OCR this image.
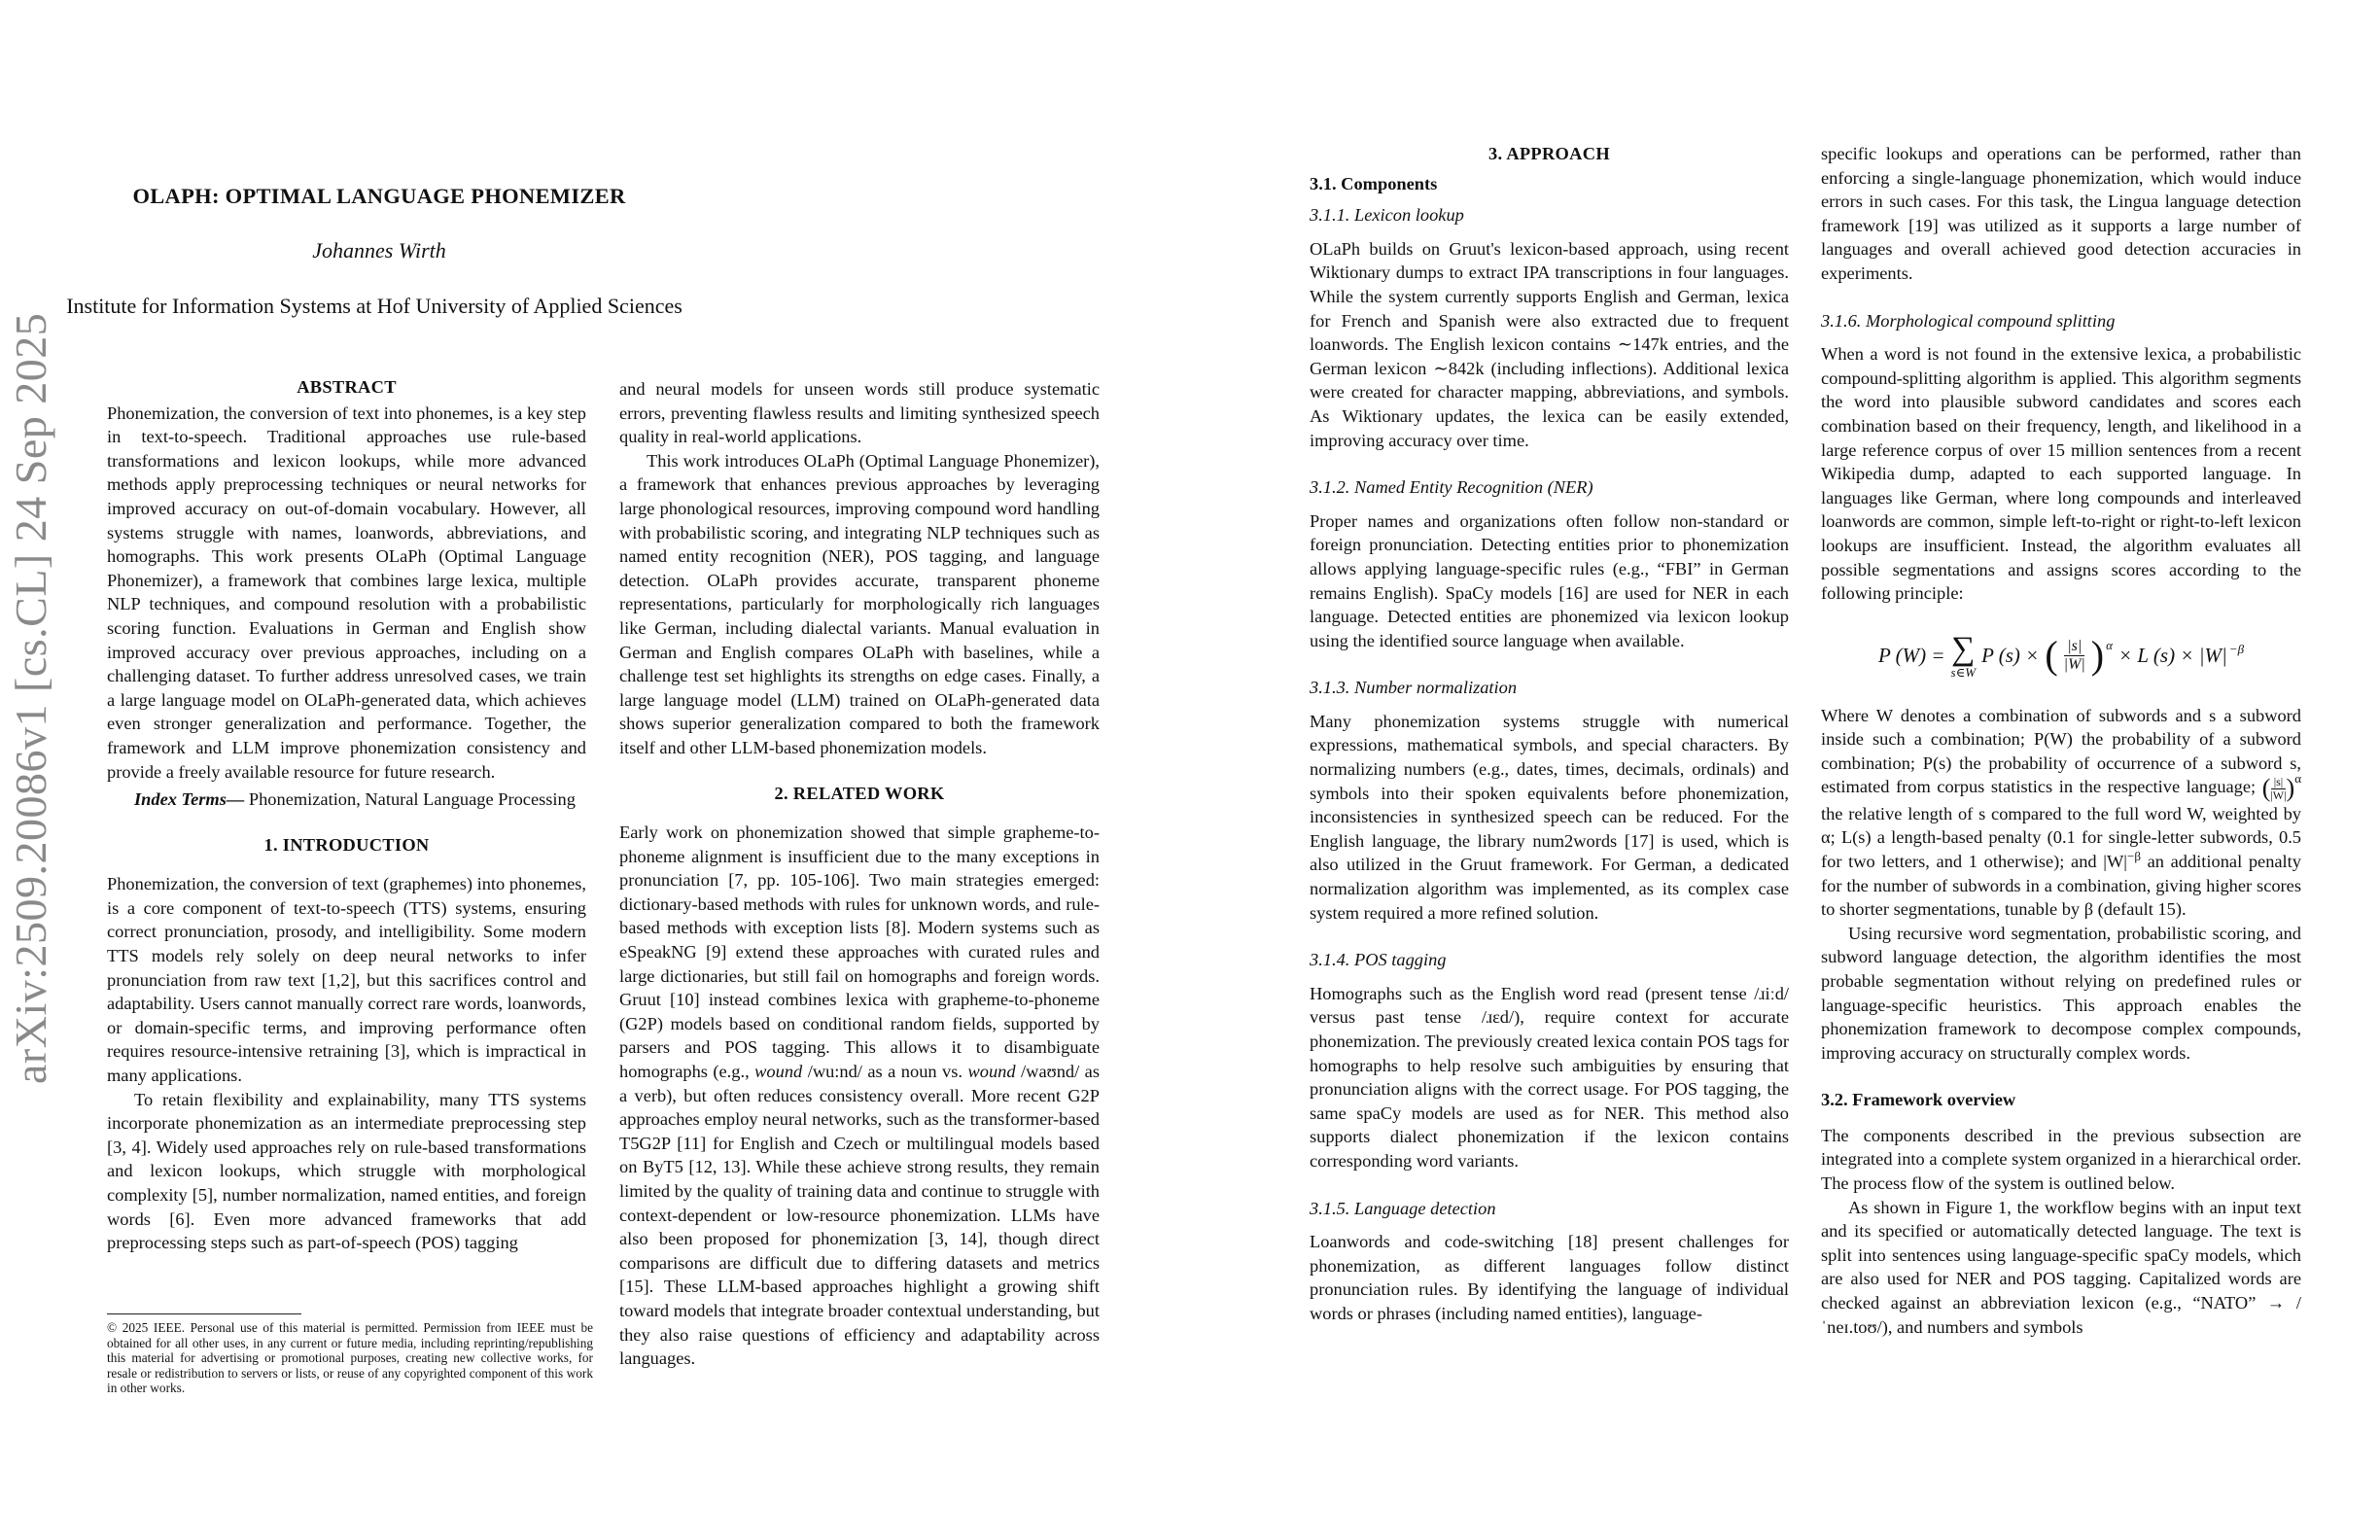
arXiv:2509.20086v1 [cs.CL] 24 Sep 2025
OLAPH: OPTIMAL LANGUAGE PHONEMIZER
Johannes Wirth
Institute for Information Systems at Hof University of Applied Sciences
ABSTRACT

Phonemization, the conversion of text into phonemes, is a key step in text-to-speech. Traditional approaches use rule-based transformations and lexicon lookups, while more advanced methods apply preprocessing techniques or neural networks for improved accuracy on out-of-domain vocabulary. However, all systems struggle with names, loanwords, abbreviations, and homographs. This work presents OLaPh (Optimal Language Phonemizer), a framework that combines large lexica, multiple NLP techniques, and compound resolution with a probabilistic scoring function. Evaluations in German and English show improved accuracy over previous approaches, including on a challenging dataset. To further address unresolved cases, we train a large language model on OLaPh-generated data, which achieves even stronger generalization and performance. Together, the framework and LLM improve phonemization consistency and provide a freely available resource for future research.

Index Terms— Phonemization, Natural Language Processing

1. INTRODUCTION

Phonemization, the conversion of text (graphemes) into phonemes, is a core component of text-to-speech (TTS) systems, ensuring correct pronunciation, prosody, and intelligibility. Some modern TTS models rely solely on deep neural networks to infer pronunciation from raw text [1,2], but this sacrifices control and adaptability. Users cannot manually correct rare words, loanwords, or domain-specific terms, and improving performance often requires resource-intensive retraining [3], which is impractical in many applications.

To retain flexibility and explainability, many TTS systems incorporate phonemization as an intermediate preprocessing step [3, 4]. Widely used approaches rely on rule-based transformations and lexicon lookups, which struggle with morphological complexity [5], number normalization, named entities, and foreign words [6]. Even more advanced frameworks that add preprocessing steps such as part-of-speech (POS) tagging

© 2025 IEEE. Personal use of this material is permitted. Permission from IEEE must be obtained for all other uses, in any current or future media, including reprinting/republishing this material for advertising or promotional purposes, creating new collective works, for resale or redistribution to servers or lists, or reuse of any copyrighted component of this work in other works.

and neural models for unseen words still produce systematic errors, preventing flawless results and limiting synthesized speech quality in real-world applications.

This work introduces OLaPh (Optimal Language Phonemizer), a framework that enhances previous approaches by leveraging large phonological resources, improving compound word handling with probabilistic scoring, and integrating NLP techniques such as named entity recognition (NER), POS tagging, and language detection. OLaPh provides accurate, transparent phoneme representations, particularly for morphologically rich languages like German, including dialectal variants. Manual evaluation in German and English compares OLaPh with baselines, while a challenge test set highlights its strengths on edge cases. Finally, a large language model (LLM) trained on OLaPh-generated data shows superior generalization compared to both the framework itself and other LLM-based phonemization models.

2. RELATED WORK

Early work on phonemization showed that simple grapheme-to-phoneme alignment is insufficient due to the many exceptions in pronunciation [7, pp. 105-106]. Two main strategies emerged: dictionary-based methods with rules for unknown words, and rule-based methods with exception lists [8]. Modern systems such as eSpeakNG [9] extend these approaches with curated rules and large dictionaries, but still fail on homographs and foreign words. Gruut [10] instead combines lexica with grapheme-to-phoneme (G2P) models based on conditional random fields, supported by parsers and POS tagging. This allows it to disambiguate homographs (e.g., wound /wu:nd/ as a noun vs. wound /waʊnd/ as a verb), but often reduces consistency overall. More recent G2P approaches employ neural networks, such as the transformer-based T5G2P [11] for English and Czech or multilingual models based on ByT5 [12, 13]. While these achieve strong results, they remain limited by the quality of training data and continue to struggle with context-dependent or low-resource phonemization. LLMs have also been proposed for phonemization [3, 14], though direct comparisons are difficult due to differing datasets and metrics [15]. These LLM-based approaches highlight a growing shift toward models that integrate broader contextual understanding, but they also raise questions of efficiency and adaptability across languages.

3. APPROACH
3.1. Components
3.1.1. Lexicon lookup

OLaPh builds on Gruut's lexicon-based approach, using recent Wiktionary dumps to extract IPA transcriptions in four languages. While the system currently supports English and German, lexica for French and Spanish were also extracted due to frequent loanwords. The English lexicon contains ∼147k entries, and the German lexicon ∼842k (including inflections). Additional lexica were created for character mapping, abbreviations, and symbols. As Wiktionary updates, the lexica can be easily extended, improving accuracy over time.

3.1.2. Named Entity Recognition (NER)

Proper names and organizations often follow non-standard or foreign pronunciation. Detecting entities prior to phonemization allows applying language-specific rules (e.g., “FBI” in German remains English). SpaCy models [16] are used for NER in each language. Detected entities are phonemized via lexicon lookup using the identified source language when available.

3.1.3. Number normalization

Many phonemization systems struggle with numerical expressions, mathematical symbols, and special characters. By normalizing numbers (e.g., dates, times, decimals, ordinals) and symbols into their spoken equivalents before phonemization, inconsistencies in synthesized speech can be reduced. For the English language, the library num2words [17] is used, which is also utilized in the Gruut framework. For German, a dedicated normalization algorithm was implemented, as its complex case system required a more refined solution.

3.1.4. POS tagging

Homographs such as the English word read (present tense /ɹiːd/ versus past tense /ɹɛd/), require context for accurate phonemization. The previously created lexica contain POS tags for homographs to help resolve such ambiguities by ensuring that pronunciation aligns with the correct usage. For POS tagging, the same spaCy models are used as for NER. This method also supports dialect phonemization if the lexicon contains corresponding word variants.

3.1.5. Language detection

Loanwords and code-switching [18] present challenges for phonemization, as different languages follow distinct pronunciation rules. By identifying the language of individual words or phrases (including named entities), language-

specific lookups and operations can be performed, rather than enforcing a single-language phonemization, which would induce errors in such cases. For this task, the Lingua language detection framework [19] was utilized as it supports a large number of languages and overall achieved good detection accuracies in experiments.

3.1.6. Morphological compound splitting

When a word is not found in the extensive lexica, a probabilistic compound-splitting algorithm is applied. This algorithm segments the word into plausible subword candidates and scores each combination based on their frequency, length, and likelihood in a large reference corpus of over 15 million sentences from a recent Wikipedia dump, adapted to each supported language. In languages like German, where long compounds and interleaved loanwords are common, simple left-to-right or right-to-left lexicon lookups are insufficient. Instead, the algorithm evaluates all possible segmentations and assigns scores according to the following principle:

P (W) = ∑
s∈W
P (s) × ( $\frac{|s|}{|W|} )^\alpha \times L$ $(s) \times |W|^{-\beta}$

Where W denotes a combination of subwords and s a subword inside such a combination; P(W) the probability of a subword combination; P(s) the probability of occurrence of a subword s, estimated from corpus statistics in the respective language; ( $\frac{|s|}{|W|} )^\alpha$
the relative length of s compared to the full word W, weighted by α; L(s) a length-based penalty (0.1 for single-letter subwords, 0.5 for two letters, and 1 otherwise); and $|W|^{-\beta}$ an additional penalty for the number of subwords in a combination, giving higher scores to shorter segmentations, tunable by β (default 15).

Using recursive word segmentation, probabilistic scoring, and subword language detection, the algorithm identifies the most probable segmentation without relying on predefined rules or language-specific heuristics. This approach enables the phonemization framework to decompose complex compounds, improving accuracy on structurally complex words.

3.2. Framework overview

The components described in the previous subsection are integrated into a complete system organized in a hierarchical order. The process flow of the system is outlined below.

As shown in Figure 1, the workflow begins with an input text and its specified or automatically detected language. The text is split into sentences using language-specific spaCy models, which are also used for NER and POS tagging. Capitalized words are checked against an abbreviation lexicon (e.g., “NATO” → /ˈneɪ.toʊ/), and numbers and symbols
